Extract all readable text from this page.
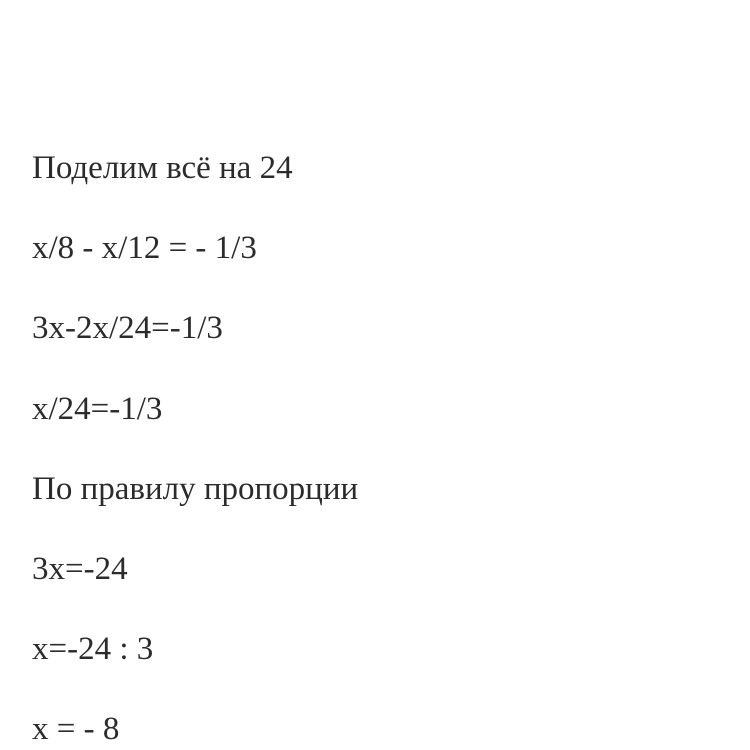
Поделим всё на 24

x/8 - x/12 = - 1/3

3x-2x/24=-1/3

x/24=-1/3

По правилу пропорции

3x=-24

x=-24 : 3

x = - 8
